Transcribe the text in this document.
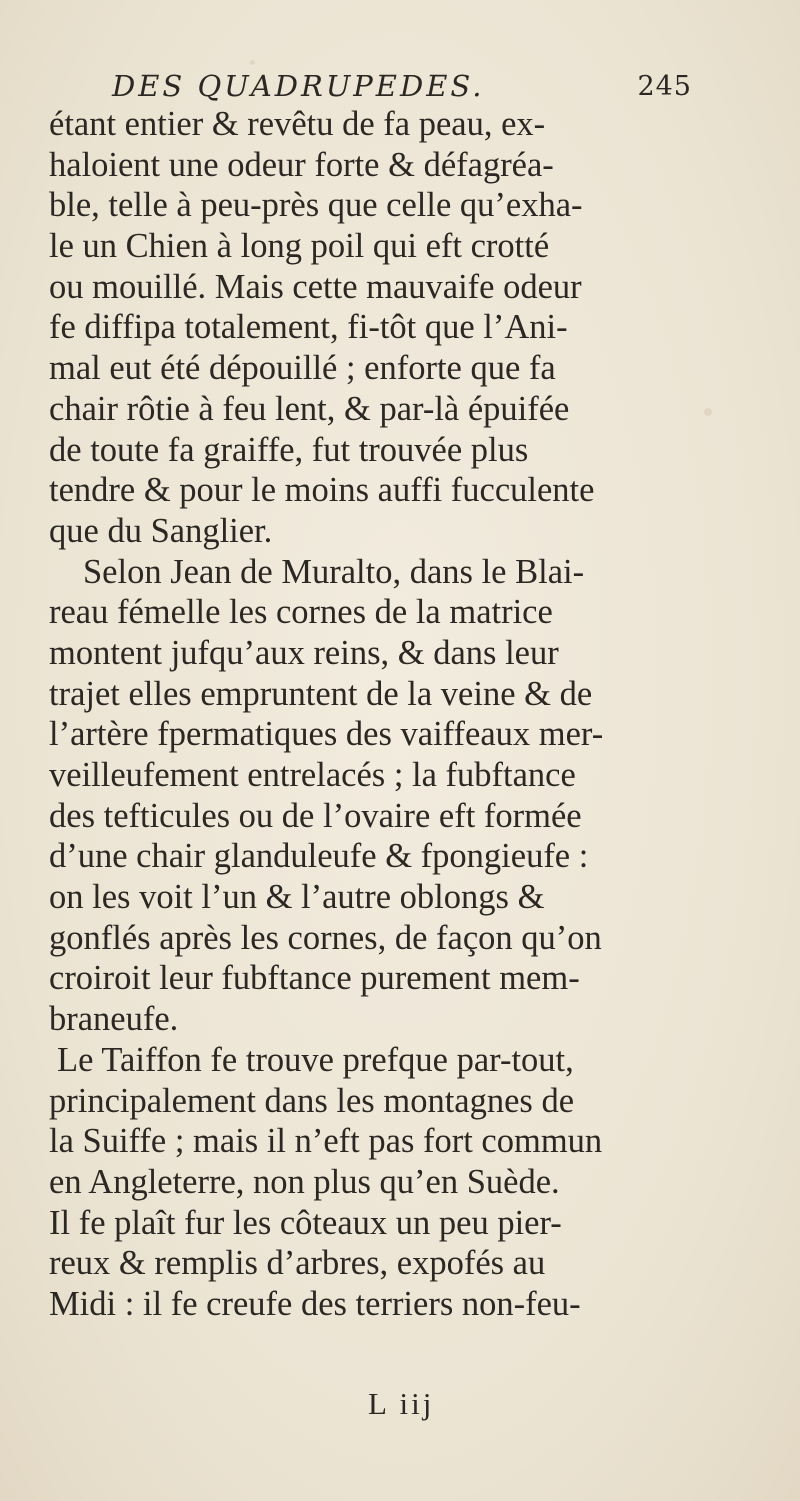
DES QUADRUPEDES.	245
étant entier & revêtu de fa peau, ex-
haloient une odeur forte & défagréa-
ble, telle à peu-près que celle qu’exha-
le un Chien à long poil qui eft crotté
ou mouillé. Mais cette mauvaife odeur
fe diffipa totalement, fi-tôt que l’Ani-
mal eut été dépouillé ; enforte que fa
chair rôtie à feu lent, & par-là épuifée
de toute fa graiffe, fut trouvée plus
tendre & pour le moins auffi fucculente
que du Sanglier.
Selon Jean de Muralto, dans le Blai-
reau fémelle les cornes de la matrice
montent jufqu’aux reins, & dans leur
trajet elles empruntent de la veine & de
l’artère fpermatiques des vaiffeaux mer-
veilleufement entrelacés ; la fubftance
des tefticules ou de l’ovaire eft formée
d’une chair glanduleufe & fpongieufe :
on les voit l’un & l’autre oblongs &
gonflés après les cornes, de façon qu’on
croiroit leur fubftance purement mem-
braneufe.
Le Taiffon fe trouve prefque par-tout,
principalement dans les montagnes de
la Suiffe ; mais il n’eft pas fort commun
en Angleterre, non plus qu’en Suède.
Il fe plaît fur les côteaux un peu pier-
reux & remplis d’arbres, expofés au
Midi : il fe creufe des terriers non-feu-
L iij
